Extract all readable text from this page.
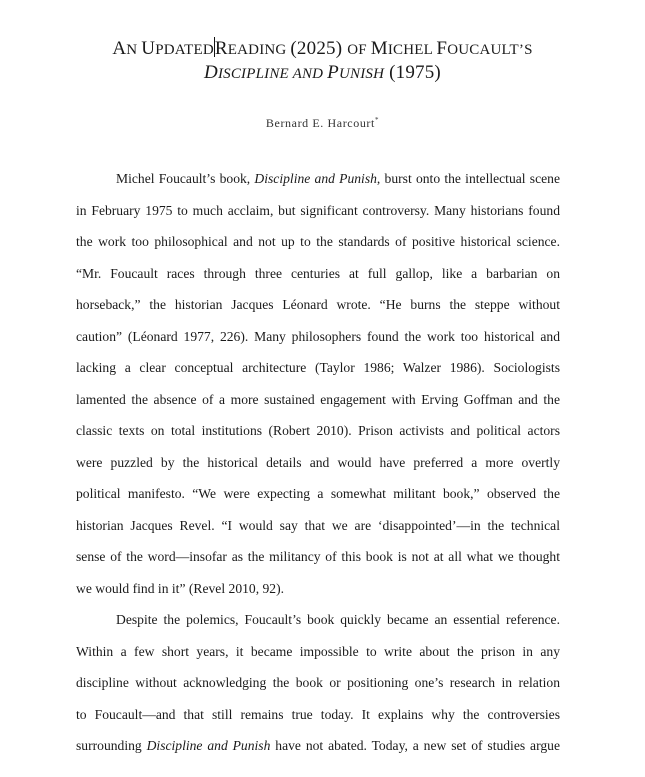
AN UPDATEDREADING (2025) OF MICHEL FOUCAULT’S
DISCIPLINE AND PUNISH (1975)
Bernard E. Harcourt*
Michel Foucault’s book, Discipline and Punish, burst onto the intellectual scene
in February 1975 to much acclaim, but significant controversy. Many historians found
the work too philosophical and not up to the standards of positive historical science.
“Mr. Foucault races through three centuries at full gallop, like a barbarian on
horseback,” the historian Jacques Léonard wrote. “He burns the steppe without
caution” (Léonard 1977, 226). Many philosophers found the work too historical and
lacking a clear conceptual architecture (Taylor 1986; Walzer 1986). Sociologists
lamented the absence of a more sustained engagement with Erving Goffman and the
classic texts on total institutions (Robert 2010). Prison activists and political actors
were puzzled by the historical details and would have preferred a more overtly
political manifesto. “We were expecting a somewhat militant book,” observed the
historian Jacques Revel. “I would say that we are ‘disappointed’—in the technical
sense of the word—insofar as the militancy of this book is not at all what we thought
we would find in it” (Revel 2010, 92).
Despite the polemics, Foucault’s book quickly became an essential reference.
Within a few short years, it became impossible to write about the prison in any
discipline without acknowledging the book or positioning one’s research in relation
to Foucault—and that still remains true today. It explains why the controversies
surrounding Discipline and Punish have not abated. Today, a new set of studies argue
